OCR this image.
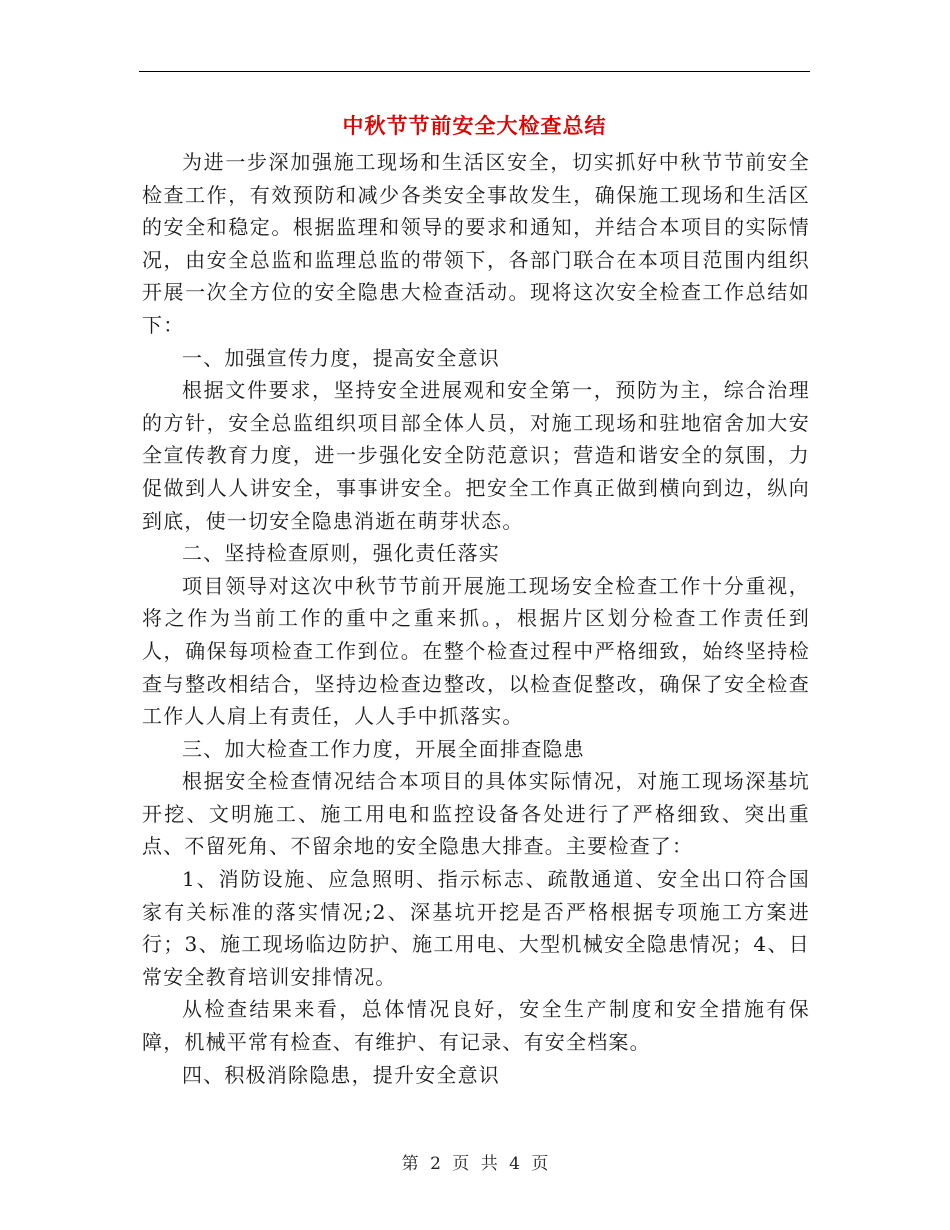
中秋节节前安全大检查总结

为进一步深加强施工现场和生活区安全，切实抓好中秋节节前安全检查工作，有效预防和减少各类安全事故发生，确保施工现场和生活区的安全和稳定。根据监理和领导的要求和通知，并结合本项目的实际情况，由安全总监和监理总监的带领下，各部门联合在本项目范围内组织开展一次全方位的安全隐患大检查活动。现将这次安全检查工作总结如下：

一、加强宣传力度，提高安全意识

根据文件要求，坚持安全进展观和安全第一，预防为主，综合治理的方针，安全总监组织项目部全体人员，对施工现场和驻地宿舍加大安全宣传教育力度，进一步强化安全防范意识；营造和谐安全的氛围，力促做到人人讲安全，事事讲安全。把安全工作真正做到横向到边，纵向到底，使一切安全隐患消逝在萌芽状态。

二、坚持检查原则，强化责任落实

项目领导对这次中秋节节前开展施工现场安全检查工作十分重视，将之作为当前工作的重中之重来抓。，根据片区划分检查工作责任到人，确保每项检查工作到位。在整个检查过程中严格细致，始终坚持检查与整改相结合，坚持边检查边整改，以检查促整改，确保了安全检查工作人人肩上有责任，人人手中抓落实。

三、加大检查工作力度，开展全面排查隐患

根据安全检查情况结合本项目的具体实际情况，对施工现场深基坑开挖、文明施工、施工用电和监控设备各处进行了严格细致、突出重点、不留死角、不留余地的安全隐患大排查。主要检查了：

1、消防设施、应急照明、指示标志、疏散通道、安全出口符合国家有关标准的落实情况;2、深基坑开挖是否严格根据专项施工方案进行；3、施工现场临边防护、施工用电、大型机械安全隐患情况；4、日常安全教育培训安排情况。

从检查结果来看，总体情况良好，安全生产制度和安全措施有保障，机械平常有检查、有维护、有记录、有安全档案。

四、积极消除隐患，提升安全意识

第 2 页 共 4 页
